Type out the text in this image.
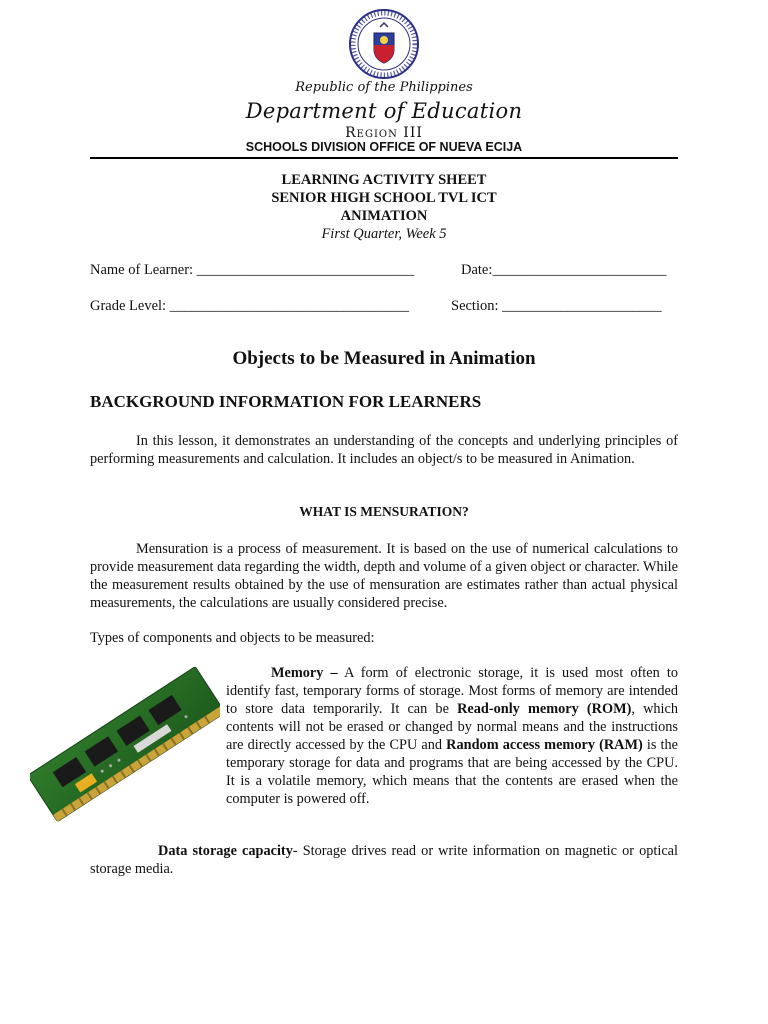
Republic of the Philippines
Department of Education
Region III
SCHOOLS DIVISION OFFICE OF NUEVA ECIJA
LEARNING ACTIVITY SHEET
SENIOR HIGH SCHOOL TVL ICT
ANIMATION
First Quarter, Week 5
Name of Learner: ______________________________	Date:________________________
Grade Level: _________________________________	Section: ______________________
Objects to be Measured in Animation
BACKGROUND INFORMATION FOR LEARNERS

In this lesson, it demonstrates an understanding of the concepts and underlying principles of performing measurements and calculation. It includes an object/s to be measured in Animation.

WHAT IS MENSURATION?

Mensuration is a process of measurement. It is based on the use of numerical calculations to provide measurement data regarding the width, depth and volume of a given object or character. While the measurement results obtained by the use of mensuration are estimates rather than actual physical measurements, the calculations are usually considered precise.

Types of components and objects to be measured:

Memory – A form of electronic storage, it is used most often to identify fast, temporary forms of storage. Most forms of memory are intended to store data temporarily. It can be Read-only memory (ROM), which contents will not be erased or changed by normal means and the instructions are directly accessed by the CPU and Random access memory (RAM) is the temporary storage for data and programs that are being accessed by the CPU. It is a volatile memory, which means that the contents are erased when the computer is powered off.

Data storage capacity- Storage drives read or write information on magnetic or optical storage media.
